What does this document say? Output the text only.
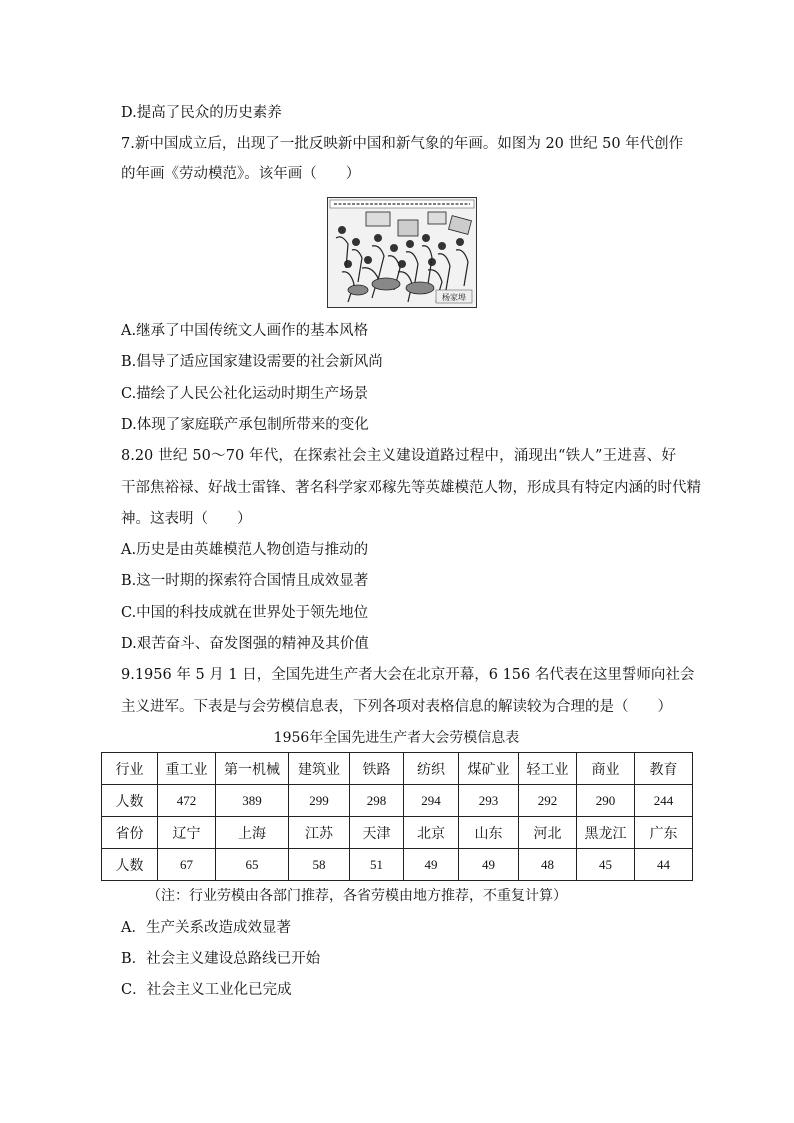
D.提高了民众的历史素养
7.新中国成立后，出现了一批反映新中国和新气象的年画。如图为 20 世纪 50 年代创作
的年画《劳动模范》。该年画（　　）
杨家埠
A.继承了中国传统文人画作的基本风格
B.倡导了适应国家建设需要的社会新风尚
C.描绘了人民公社化运动时期生产场景
D.体现了家庭联产承包制所带来的变化
8.20 世纪 50～70 年代，在探索社会主义建设道路过程中，涌现出“铁人”王进喜、好
干部焦裕禄、好战士雷锋、著名科学家邓稼先等英雄模范人物，形成具有特定内涵的时代精
神。这表明（　　）
A.历史是由英雄模范人物创造与推动的
B.这一时期的探索符合国情且成效显著
C.中国的科技成就在世界处于领先地位
D.艰苦奋斗、奋发图强的精神及其价值
9.1956 年 5 月 1 日，全国先进生产者大会在北京开幕，6 156 名代表在这里誓师向社会
主义进军。下表是与会劳模信息表，下列各项对表格信息的解读较为合理的是（　　）
1956年全国先进生产者大会劳模信息表
行业	重工业	第一机械	建筑业	铁路	纺织	煤矿业	轻工业	商业	教育
人数	472	389	299	298	294	293	292	290	244
省份	辽宁	上海	江苏	天津	北京	山东	河北	黑龙江	广东
人数	67	65	58	51	49	49	48	45	44
（注：行业劳模由各部门推荐，各省劳模由地方推荐，不重复计算）
A．生产关系改造成效显著
B．社会主义建设总路线已开始
C．社会主义工业化已完成
